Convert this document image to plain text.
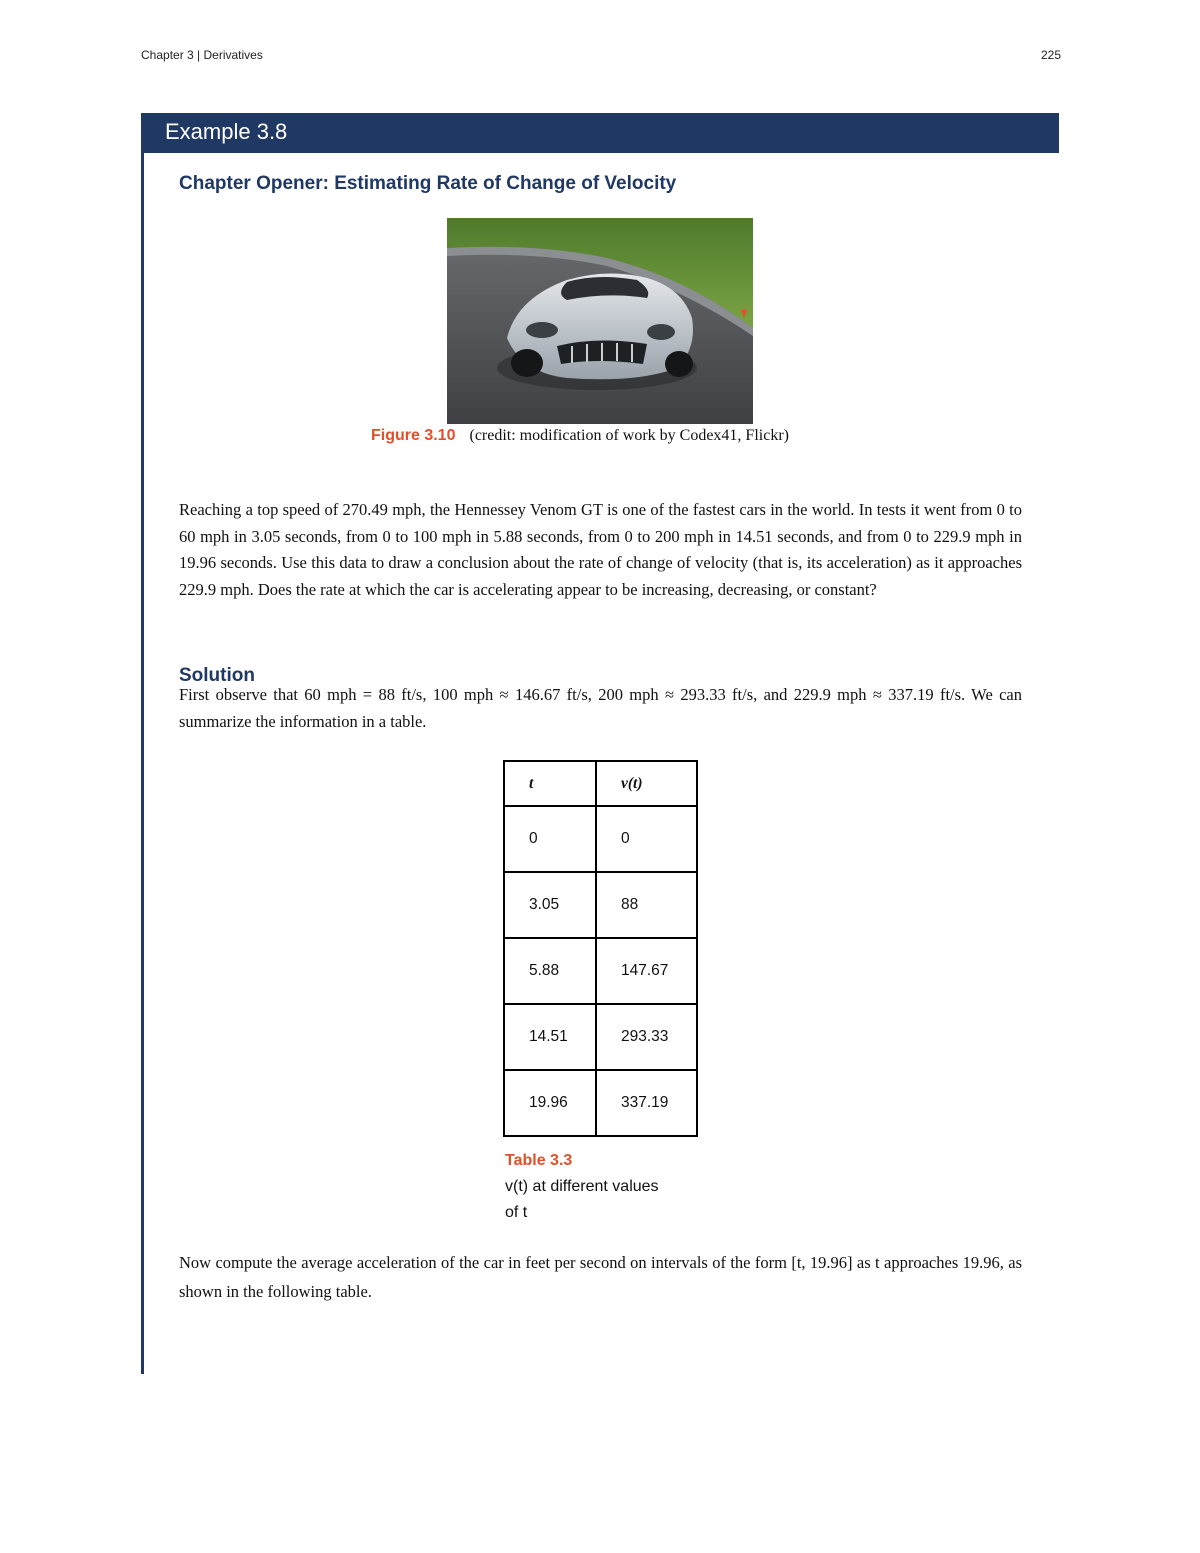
Chapter 3 | Derivatives	225
Example 3.8
Chapter Opener: Estimating Rate of Change of Velocity
Figure 3.10 (credit: modification of work by Codex41, Flickr)

Reaching a top speed of 270.49 mph, the Hennessey Venom GT is one of the fastest cars in the world. In tests it went from 0 to 60 mph in 3.05 seconds, from 0 to 100 mph in 5.88 seconds, from 0 to 200 mph in 14.51 seconds, and from 0 to 229.9 mph in 19.96 seconds. Use this data to draw a conclusion about the rate of change of velocity (that is, its acceleration) as it approaches 229.9 mph. Does the rate at which the car is accelerating appear to be increasing, decreasing, or constant?

Solution

First observe that 60 mph = 88 ft/s, 100 mph ≈ 146.67 ft/s, 200 mph ≈ 293.33 ft/s, and 229.9 mph ≈ 337.19 ft/s. We can summarize the information in a table.

t	v(t)
0	0
3.05	88
5.88	147.67
14.51	293.33
19.96	337.19
Table 3.3
v(t) at different values
of t

Now compute the average acceleration of the car in feet per second on intervals of the form [t, 19.96] as t approaches 19.96, as shown in the following table.
